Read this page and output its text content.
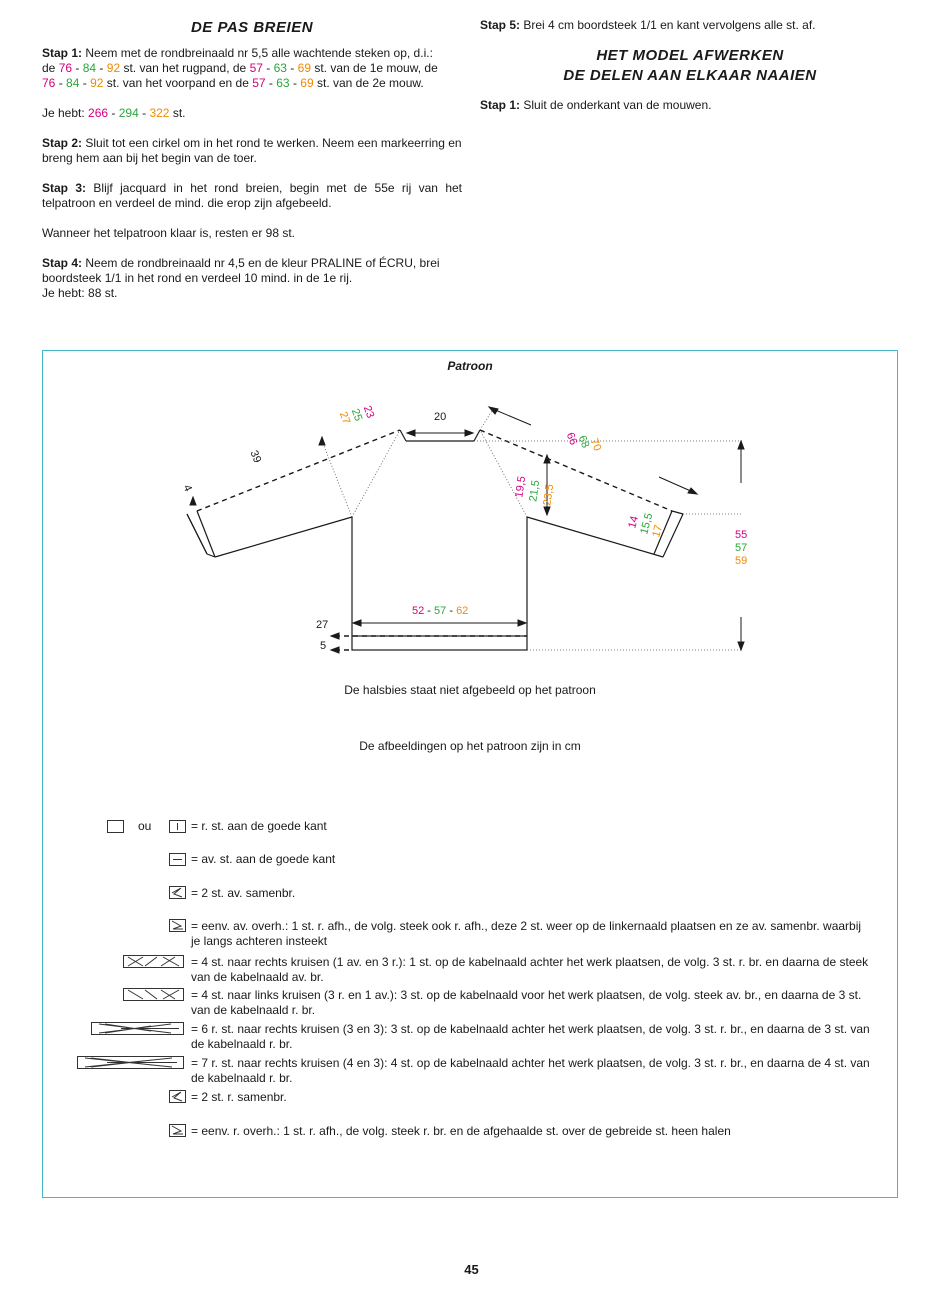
DE PAS BREIEN

Stap 1: Neem met de rondbreinaald nr 5,5 alle wachtende steken op, d.i.:
de 76 - 84 - 92 st. van het rugpand, de 57 - 63 - 69 st. van de 1e mouw, de
76 - 84 - 92 st. van het voorpand en de 57 - 63 - 69 st. van de 2e mouw.

Je hebt: 266 - 294 - 322 st.

Stap 2: Sluit tot een cirkel om in het rond te werken. Neem een markeerring en breng hem aan bij het begin van de toer.

Stap 3: Blijf jacquard in het rond breien, begin met de 55e rij van het telpatroon en verdeel de mind. die erop zijn afgebeeld.

Wanneer het telpatroon klaar is, resten er 98 st.

Stap 4: Neem de rondbreinaald nr 4,5 en de kleur PRALINE of ÉCRU, brei boordsteek 1/1 in het rond en verdeel 10 mind. in de 1e rij.
Je hebt: 88 st.

Stap 5: Brei 4 cm boordsteek 1/1 en kant vervolgens alle st. af.

HET MODEL AFWERKEN
DE DELEN AAN ELKAAR NAAIEN

Stap 1: Sluit de onderkant van de mouwen.

Patroon
20
27
5
39
4
52 - 57 - 62
55
57
59
23
25
27
66
68
70
19,5 21,5 23,5
14
15,5
17
De halsbies staat niet afgebeeld op het patroon
De afbeeldingen op het patroon zijn in cm
ou	= r. st. aan de goede kant
= av. st. aan de goede kant
= 2 st. av. samenbr.
= eenv. av. overh.: 1 st. r. afh., de volg. steek ook r. afh., deze 2 st. weer op de linkernaald plaatsen en ze av. samenbr. waarbij je langs achteren insteekt
= 4 st. naar rechts kruisen (1 av. en 3 r.): 1 st. op de kabelnaald achter het werk plaatsen, de volg. 3 st. r. br. en daarna de steek van de kabelnaald av. br.
= 4 st. naar links kruisen (3 r. en 1 av.): 3 st. op de kabelnaald voor het werk plaatsen, de volg. steek av. br., en daarna de 3 st. van de kabelnaald r. br.
= 6 r. st. naar rechts kruisen (3 en 3): 3 st. op de kabelnaald achter het werk plaatsen, de volg. 3 st. r. br., en daarna de 3 st. van de kabelnaald r. br.
= 7 r. st. naar rechts kruisen (4 en 3): 4 st. op de kabelnaald achter het werk plaatsen, de volg. 3 st. r. br., en daarna de 4 st. van de kabelnaald r. br.
= 2 st. r. samenbr.
= eenv. r. overh.: 1 st. r. afh., de volg. steek r. br. en de afgehaalde st. over de gebreide st. heen halen
45
